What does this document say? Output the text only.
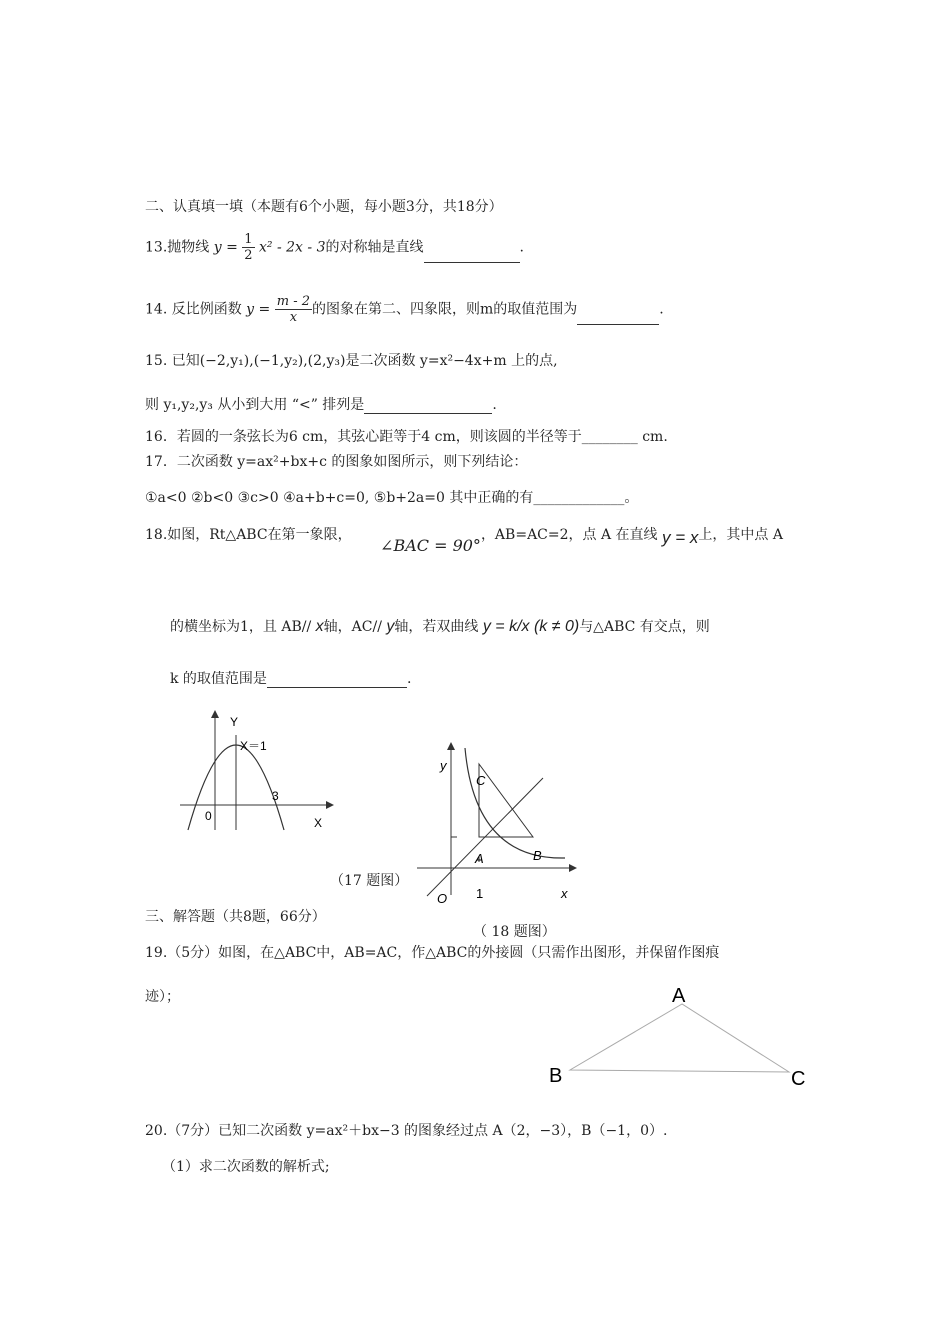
二、认真填一填（本题有6个小题，每小题3分，共18分）
13.抛物线 $y = \frac{1}{2} x^2 - 2x - 3$的对称轴是直线	.
14. 反比例函数 $y = \frac{m - 2}{x}$ 的图象在第二、四象限，则m的取值范围为	.
15. 已知(−2,y₁),(−1,y₂),(2,y₃)是二次函数 y=x²−4x+m 上的点,
则 y₁,y₂,y₃ 从小到大用 “<” 排列是	.
16．若圆的一条弦长为6 cm，其弦心距等于4 cm，则该圆的半径等于________ cm.
17．二次函数 y=ax²+bx+c 的图象如图所示，则下列结论：
①a<0 ②b<0 ③c>0 ④a+b+c=0, ⑤b+2a=0 其中正确的有_____________。
18.如图，Rt△ABC在第一象限， ∠BAC = 90°，AB=AC=2，点 A 在直线 y = x上，其中点 A
的横坐标为1，且 AB// x轴，AC// y轴，若双曲线 y = k/x (k ≠ 0)与△ABC 有交点，则
k 的取值范围是	.
Y
X＝1
3
0	X
（17 题图）
y
C
A	B
1	x
O
（ 18 题图）
三、解答题（共8题，66分）
19.（5分）如图，在△ABC中，AB=AC，作△ABC的外接圆（只需作出图形，并保留作图痕
迹）；	A
B	C
20.（7分）已知二次函数 y=ax²＋bx−3 的图象经过点 A（2，−3），B（−1，0）.
（1）求二次函数的解析式;
